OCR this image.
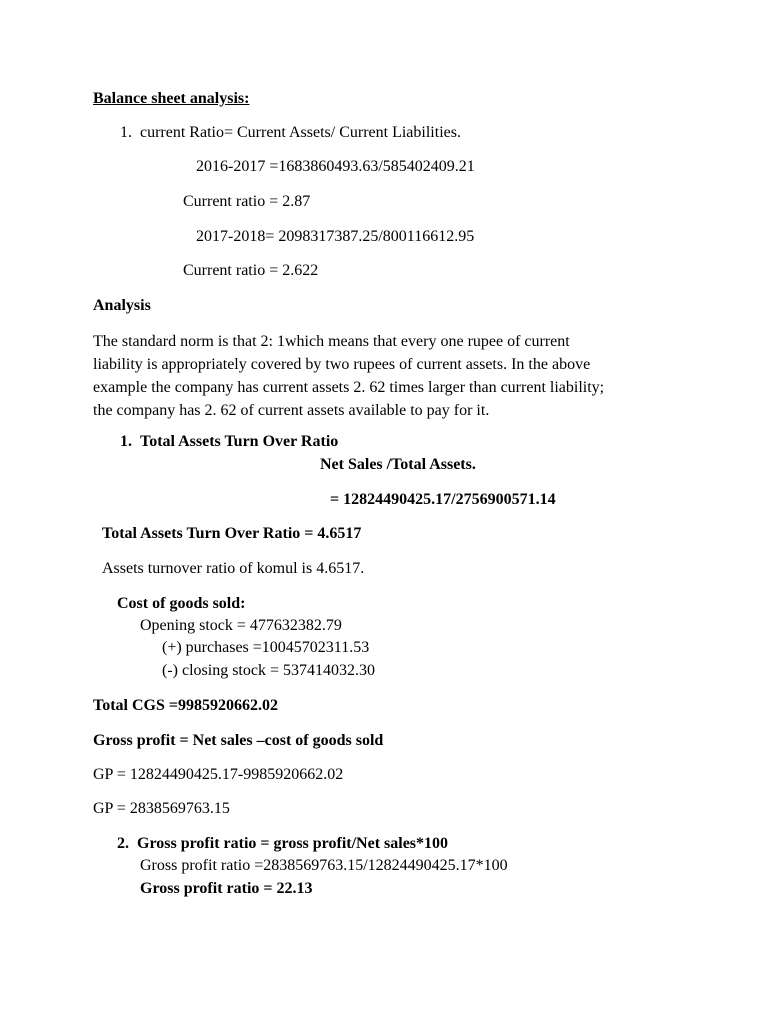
Balance sheet analysis:
1.  current Ratio= Current Assets/ Current Liabilities.
2016-2017 =1683860493.63/585402409.21
Current ratio = 2.87
2017-2018= 2098317387.25/800116612.95
Current ratio = 2.622
Analysis
The standard norm is that 2: 1which means that every one rupee of current
liability is appropriately covered by two rupees of current assets. In the above
example the company has current assets 2. 62 times larger than current liability;
the company has 2. 62 of current assets available to pay for it.
1.  Total Assets Turn Over Ratio
Net Sales /Total Assets.
= 12824490425.17/2756900571.14
Total Assets Turn Over Ratio = 4.6517
Assets turnover ratio of komul is 4.6517.
Cost of goods sold:
Opening stock = 477632382.79
(+) purchases =10045702311.53
(-) closing stock = 537414032.30
Total CGS =9985920662.02
Gross profit = Net sales –cost of goods sold
GP = 12824490425.17-9985920662.02
GP = 2838569763.15
2.  Gross profit ratio = gross profit/Net sales*100
Gross profit ratio =2838569763.15/12824490425.17*100
Gross profit ratio = 22.13
